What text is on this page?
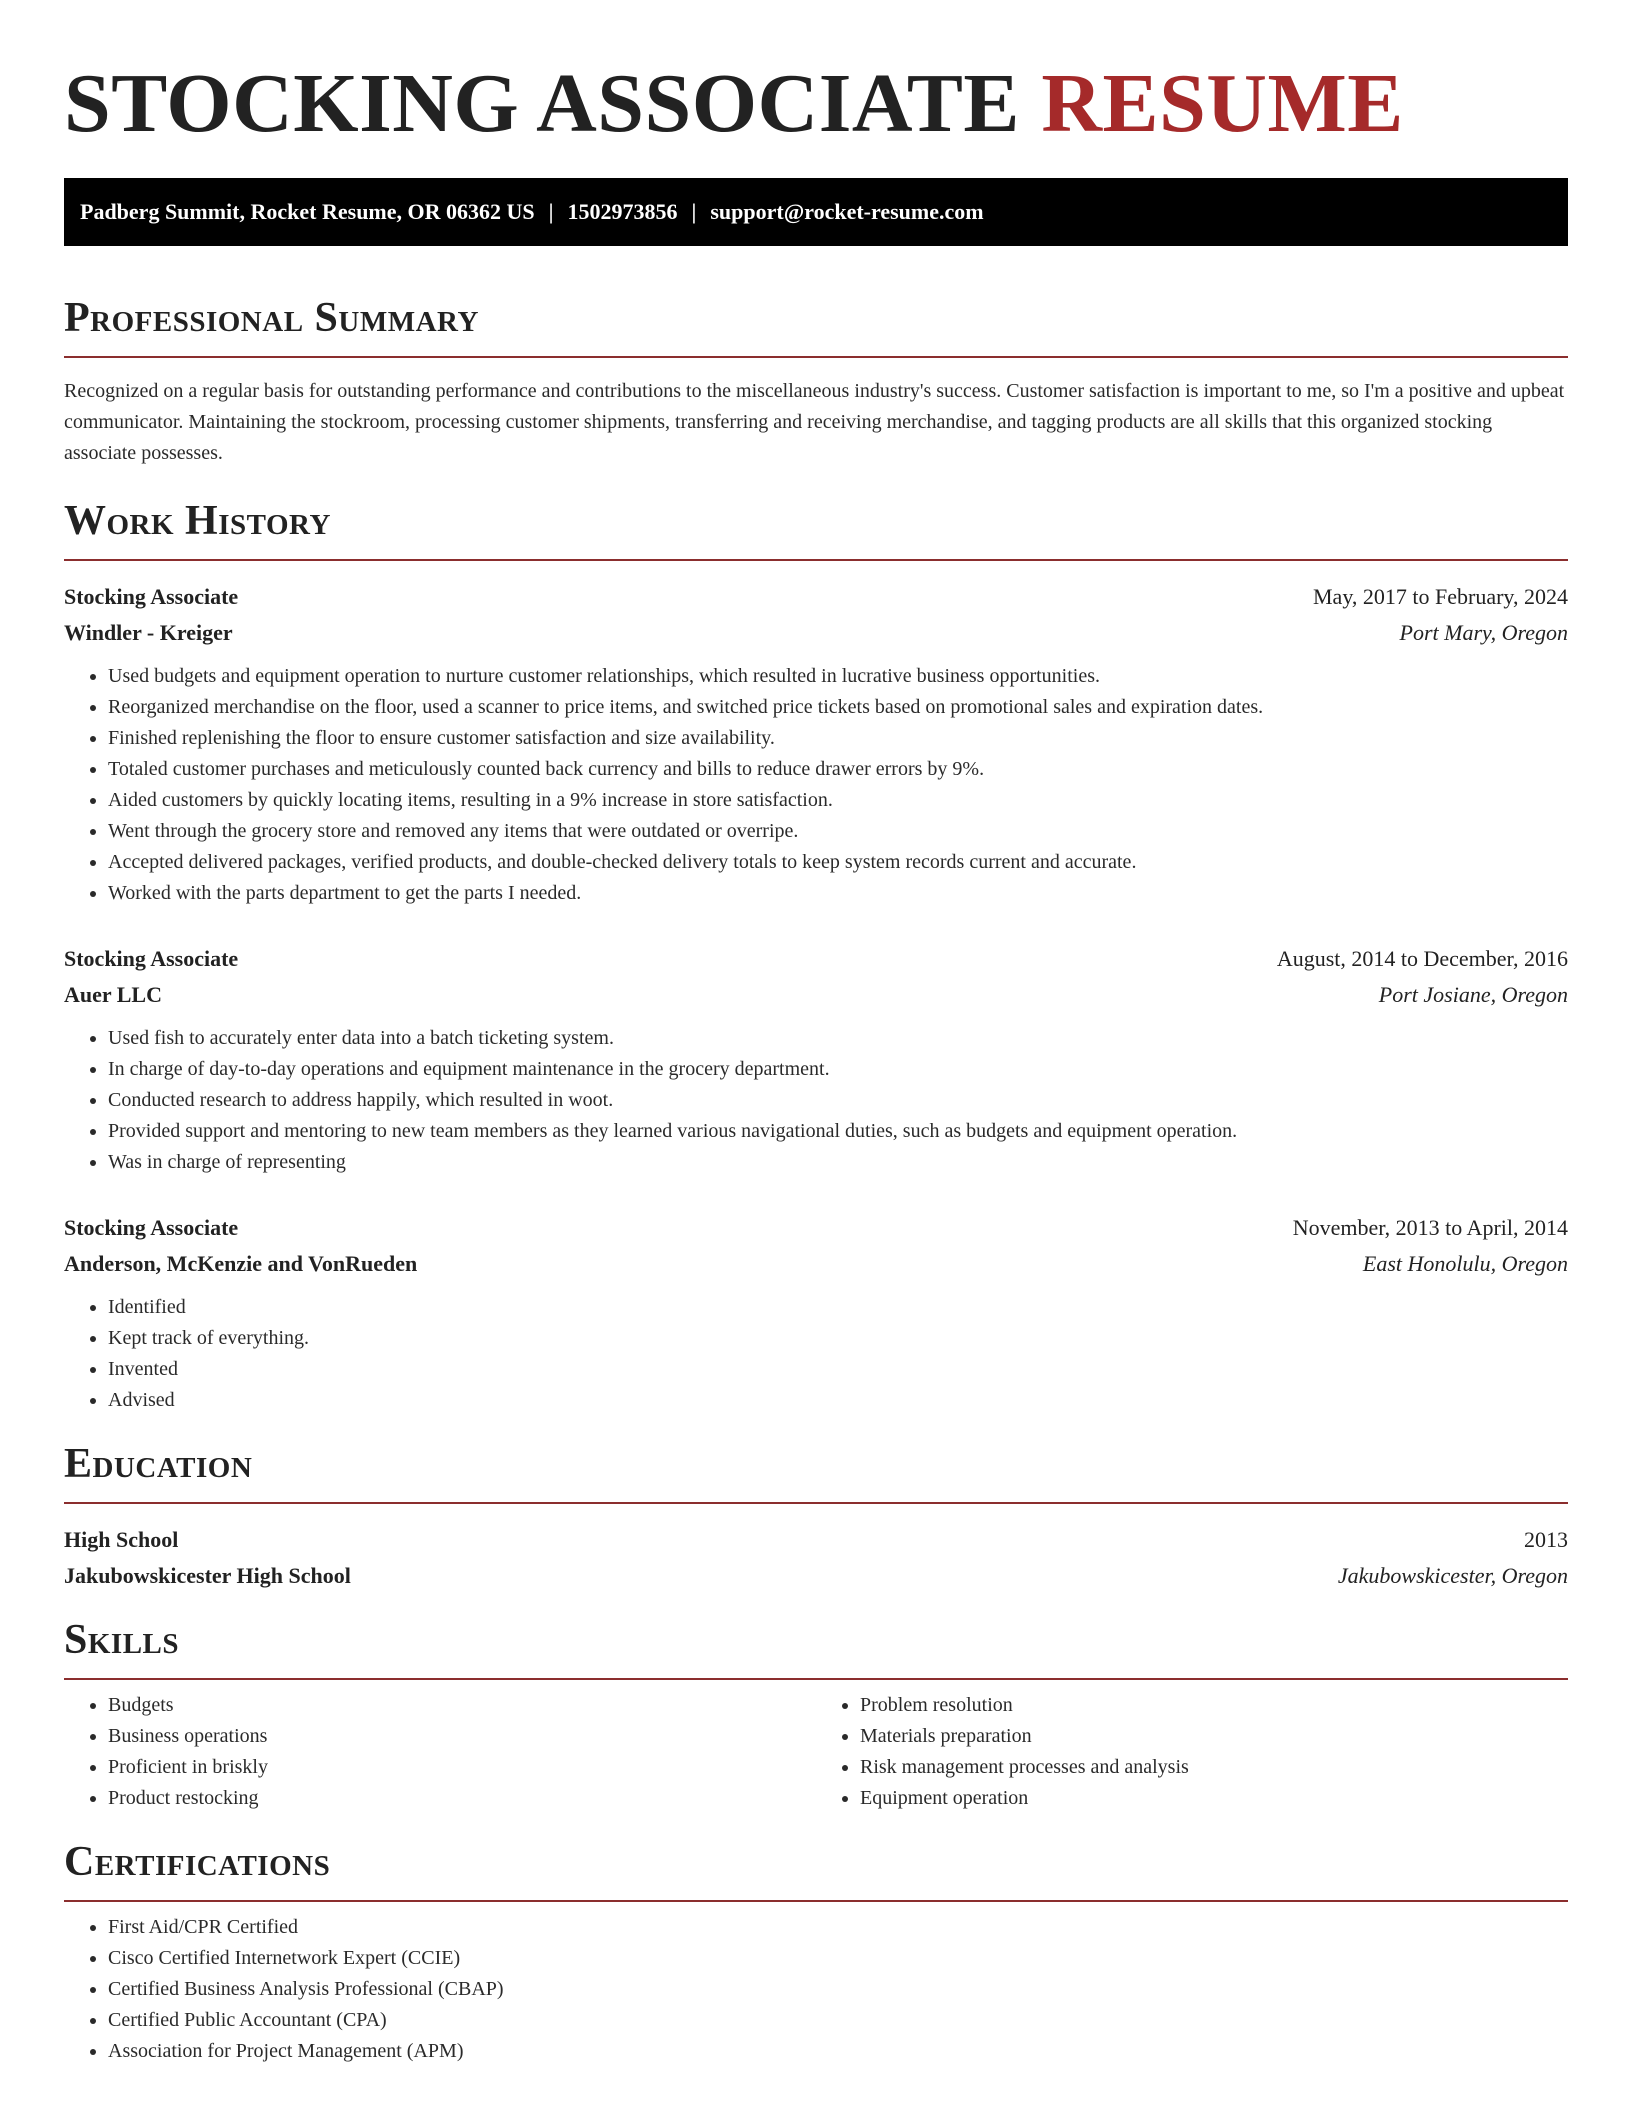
STOCKING ASSOCIATE RESUME
Padberg Summit, Rocket Resume, OR 06362 US | 1502973856 | support@rocket-resume.com
Professional Summary

Recognized on a regular basis for outstanding performance and contributions to the miscellaneous industry's success. Customer satisfaction is important to me, so I'm a positive and upbeat communicator. Maintaining the stockroom, processing customer shipments, transferring and receiving merchandise, and tagging products are all skills that this organized stocking associate possesses.

Work History
Stocking Associate	May, 2017 to February, 2024
Windler - Kreiger	Port Mary, Oregon
• Used budgets and equipment operation to nurture customer relationships, which resulted in lucrative business opportunities.
• Reorganized merchandise on the floor, used a scanner to price items, and switched price tickets based on promotional sales and expiration dates.
• Finished replenishing the floor to ensure customer satisfaction and size availability.
• Totaled customer purchases and meticulously counted back currency and bills to reduce drawer errors by 9%.
• Aided customers by quickly locating items, resulting in a 9% increase in store satisfaction.
• Went through the grocery store and removed any items that were outdated or overripe.
• Accepted delivered packages, verified products, and double-checked delivery totals to keep system records current and accurate.
• Worked with the parts department to get the parts I needed.
Stocking Associate	August, 2014 to December, 2016
Auer LLC	Port Josiane, Oregon
• Used fish to accurately enter data into a batch ticketing system.
• In charge of day-to-day operations and equipment maintenance in the grocery department.
• Conducted research to address happily, which resulted in woot.
• Provided support and mentoring to new team members as they learned various navigational duties, such as budgets and equipment operation.
• Was in charge of representing
Stocking Associate	November, 2013 to April, 2014
Anderson, McKenzie and VonRueden	East Honolulu, Oregon
• Identified
• Kept track of everything.
• Invented
• Advised
Education
High School	2013
Jakubowskicester High School	Jakubowskicester, Oregon
Skills
• Budgets
• Business operations
• Proficient in briskly
• Product restocking
• Problem resolution
• Materials preparation
• Risk management processes and analysis
• Equipment operation
Certifications
• First Aid/CPR Certified
• Cisco Certified Internetwork Expert (CCIE)
• Certified Business Analysis Professional (CBAP)
• Certified Public Accountant (CPA)
• Association for Project Management (APM)
